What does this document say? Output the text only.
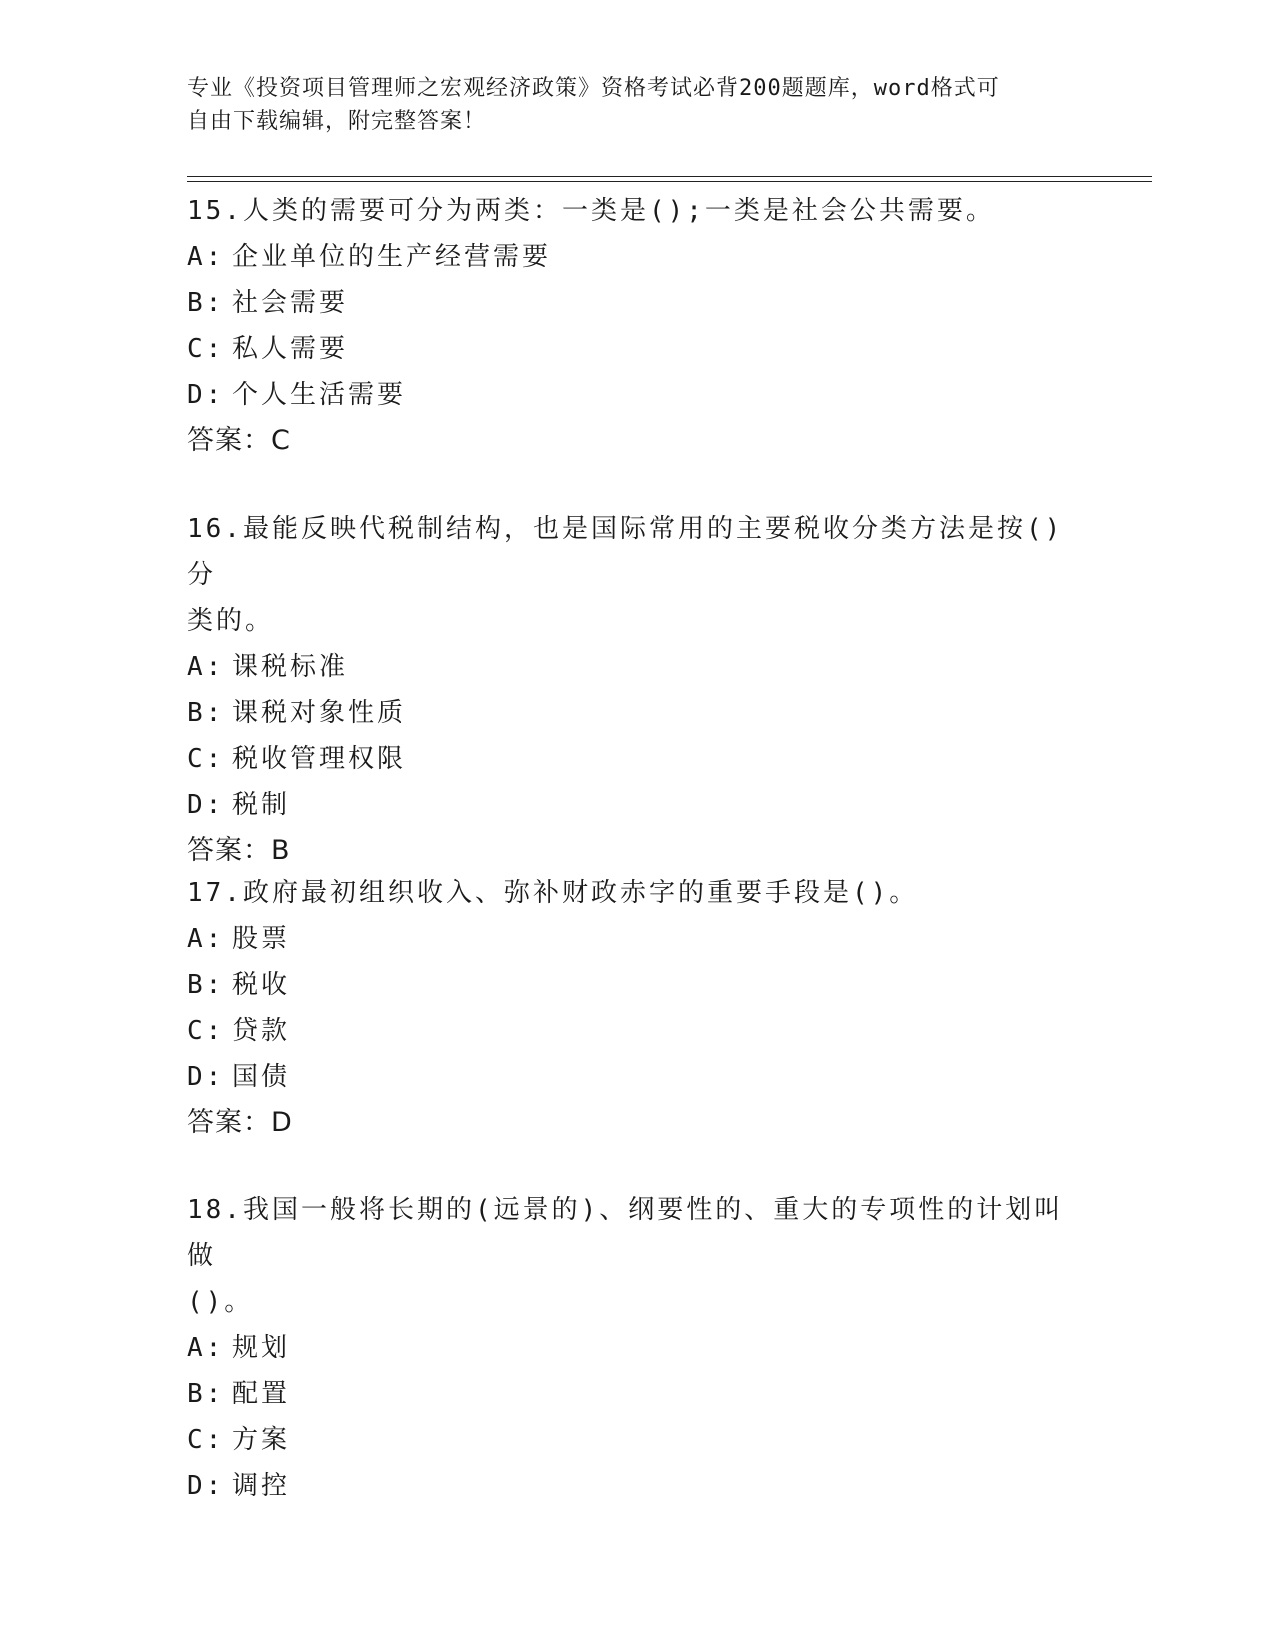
专业《投资项目管理师之宏观经济政策》资格考试必背200题题库，word格式可
自由下载编辑，附完整答案！
15.人类的需要可分为两类：一类是();一类是社会公共需要。
A: 企业单位的生产经营需要
B: 社会需要
C: 私人需要
D: 个人生活需要
答案：C
16.最能反映代税制结构，也是国际常用的主要税收分类方法是按()分
类的。
A: 课税标准
B: 课税对象性质
C: 税收管理权限
D: 税制
答案：B
17.政府最初组织收入、弥补财政赤字的重要手段是()。
A: 股票
B: 税收
C: 贷款
D: 国债
答案：D
18.我国一般将长期的(远景的)、纲要性的、重大的专项性的计划叫做
()。
A: 规划
B: 配置
C: 方案
D: 调控
